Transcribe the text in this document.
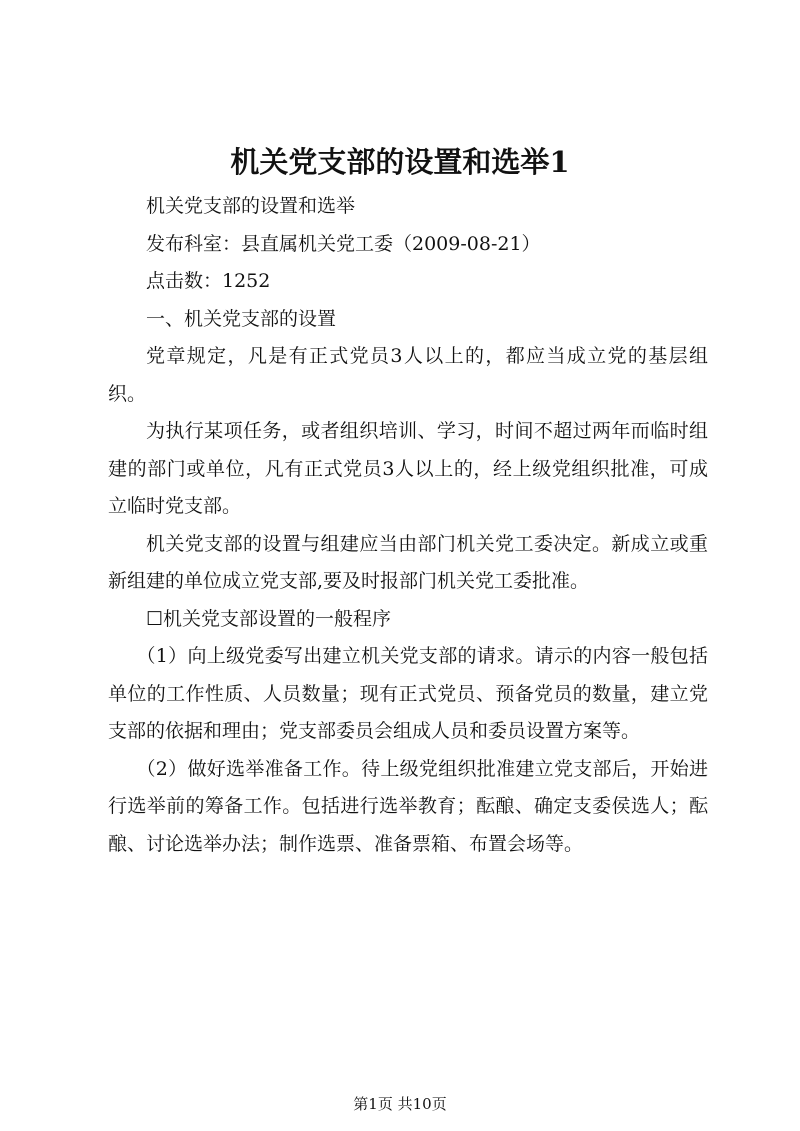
机关党支部的设置和选举1

机关党支部的设置和选举

发布科室：县直属机关党工委（2009-08-21）

点击数：1252

一、机关党支部的设置

党章规定，凡是有正式党员3人以上的，都应当成立党的基层组织。

为执行某项任务，或者组织培训、学习，时间不超过两年而临时组建的部门或单位，凡有正式党员3人以上的，经上级党组织批准，可成立临时党支部。

机关党支部的设置与组建应当由部门机关党工委决定。新成立或重新组建的单位成立党支部,要及时报部门机关党工委批准。

☐机关党支部设置的一般程序

（1）向上级党委写出建立机关党支部的请求。请示的内容一般包括单位的工作性质、人员数量；现有正式党员、预备党员的数量，建立党支部的依据和理由；党支部委员会组成人员和委员设置方案等。

（2）做好选举准备工作。待上级党组织批准建立党支部后，开始进行选举前的筹备工作。包括进行选举教育；酝酿、确定支委侯选人；酝酿、讨论选举办法；制作选票、准备票箱、布置会场等。

第1页 共10页
